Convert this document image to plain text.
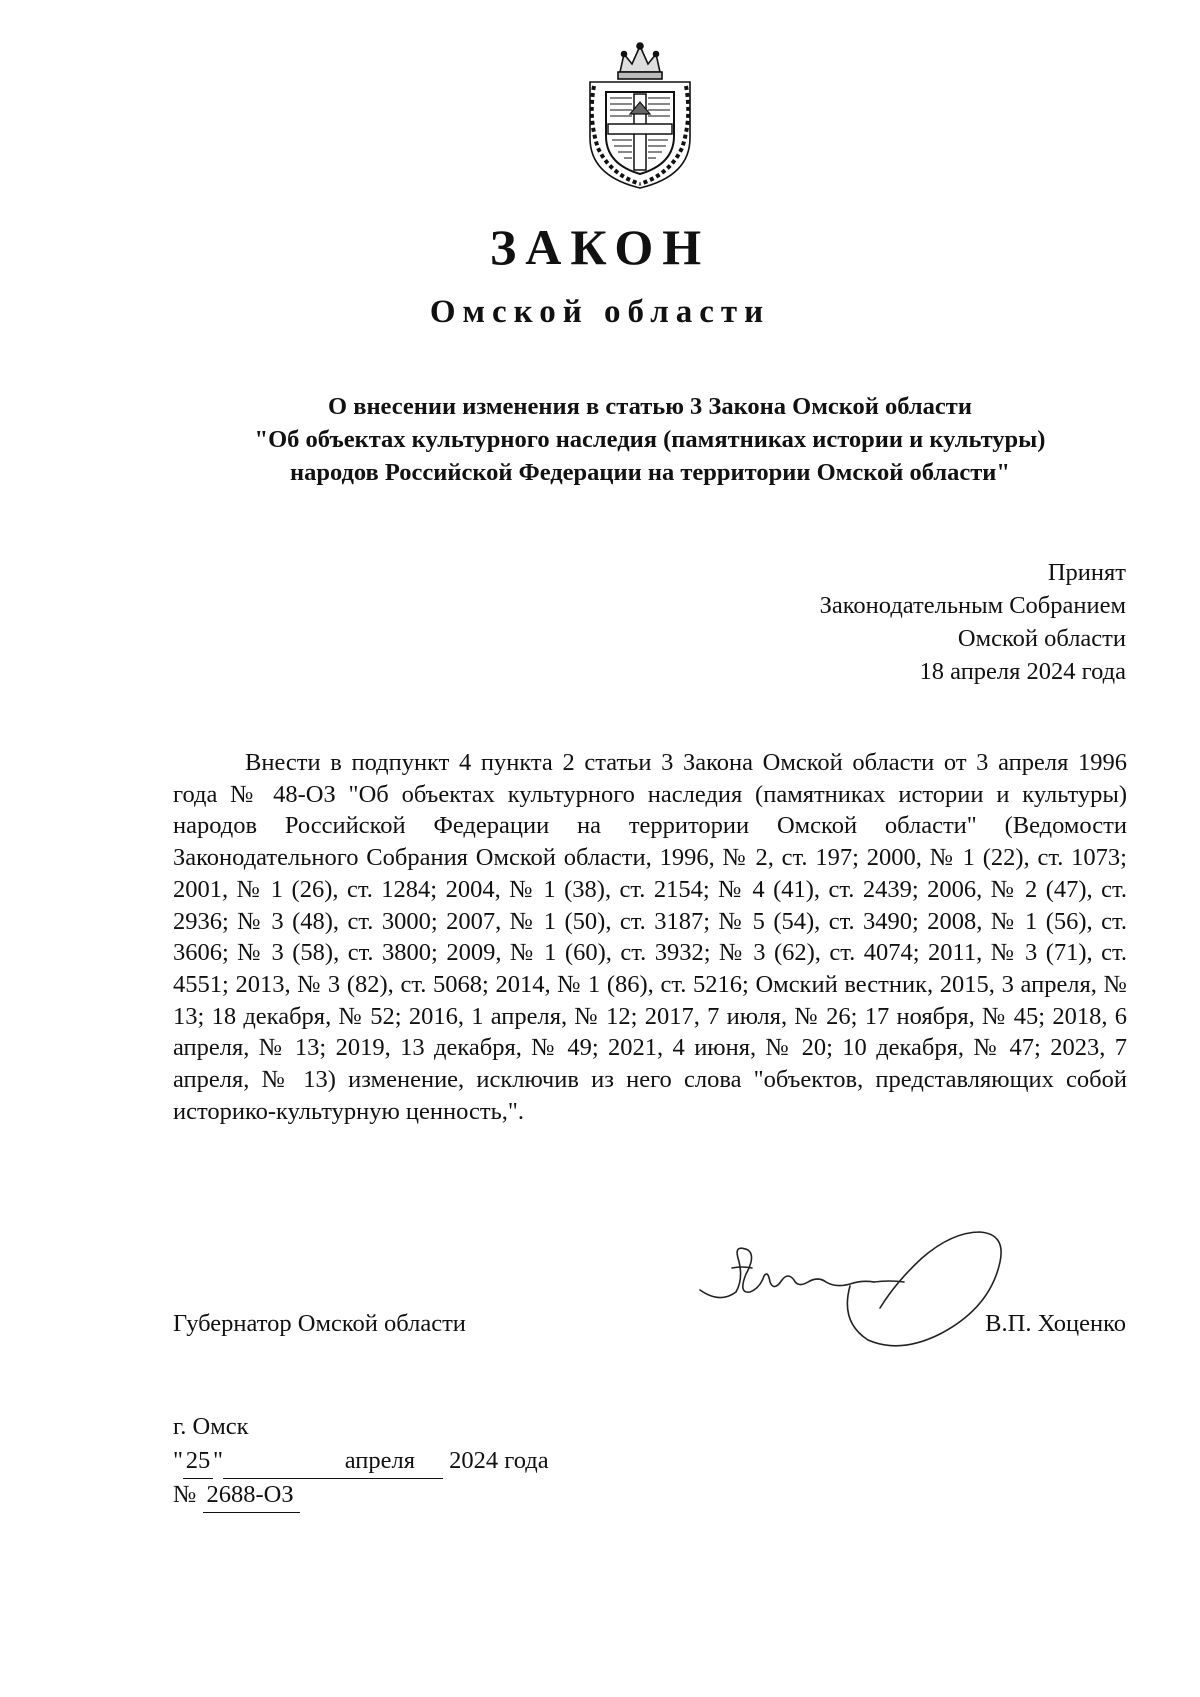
ЗАКОН
Омской области
О внесении изменения в статью 3 Закона Омской области
"Об объектах культурного наследия (памятниках истории и культуры)
народов Российской Федерации на территории Омской области"
Принят
Законодательным Собранием
Омской области
18 апреля 2024 года

Внести в подпункт 4 пункта 2 статьи 3 Закона Омской области от 3 апреля 1996 года № 48-ОЗ "Об объектах культурного наследия (памятниках истории и культуры) народов Российской Федерации на территории Омской области" (Ведомости Законодательного Собрания Омской области, 1996, № 2, ст. 197; 2000, № 1 (22), ст. 1073; 2001, № 1 (26), ст. 1284; 2004, № 1 (38), ст. 2154; № 4 (41), ст. 2439; 2006, № 2 (47), ст. 2936; № 3 (48), ст. 3000; 2007, № 1 (50), ст. 3187; № 5 (54), ст. 3490; 2008, № 1 (56), ст. 3606; № 3 (58), ст. 3800; 2009, № 1 (60), ст. 3932; № 3 (62), ст. 4074; 2011, № 3 (71), ст. 4551; 2013, № 3 (82), ст. 5068; 2014, № 1 (86), ст. 5216; Омский вестник, 2015, 3 апреля, № 13; 18 декабря, № 52; 2016, 1 апреля, № 12; 2017, 7 июля, № 26; 17 ноября, № 45; 2018, 6 апреля, № 13; 2019, 13 декабря, № 49; 2021, 4 июня, № 20; 10 декабря, № 47; 2023, 7 апреля, № 13) изменение, исключив из него слова "объектов, представляющих собой историко-культурную ценность,".

Губернатор Омской области	В.П. Хоценко
г. Омск
" 25 "	апреля 2024 года
№ 2688-ОЗ
